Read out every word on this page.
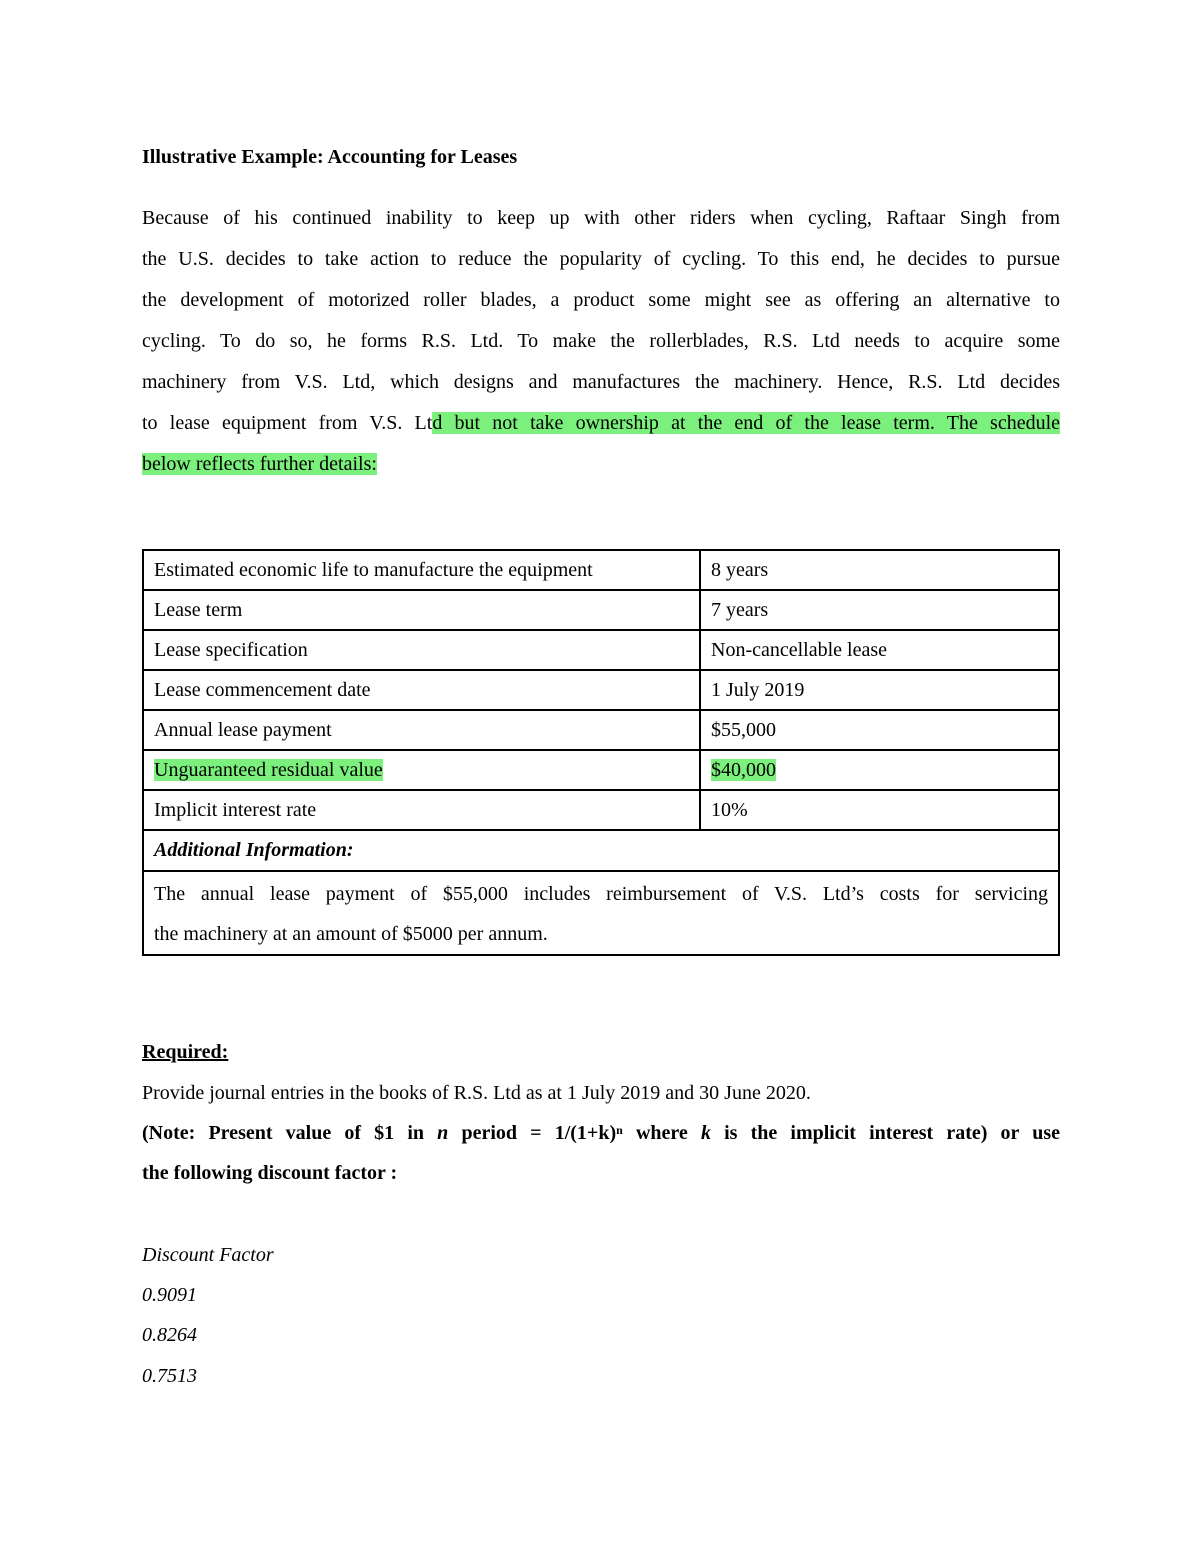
Illustrative Example: Accounting for Leases
Because of his continued inability to keep up with other riders when cycling, Raftaar Singh from
the U.S. decides to take action to reduce the popularity of cycling. To this end, he decides to pursue
the development of motorized roller blades, a product some might see as offering an alternative to
cycling. To do so, he forms R.S. Ltd. To make the rollerblades, R.S. Ltd needs to acquire some
machinery from V.S. Ltd, which designs and manufactures the machinery. Hence, R.S. Ltd decides
to lease equipment from V.S. Ltd but not take ownership at the end of the lease term. The schedule
below reflects further details:
Estimated economic life to manufacture the equipment	8 years
Lease term	7 years
Lease specification	Non-cancellable lease
Lease commencement date	1 July 2019
Annual lease payment	$55,000
Unguaranteed residual value	$40,000
Implicit interest rate	10%
Additional Information:	

The annual lease payment of $55,000 includes reimbursement of V.S. Ltd’s costs for servicing
the machinery at an amount of $5000 per annum.	
Required:
Provide journal entries in the books of R.S. Ltd as at 1 July 2019 and 30 June 2020.
(Note: Present value of $1 in n period = $1/(1+k)^n$ where k is the implicit interest rate) or use
the following discount factor :
Discount Factor
0.9091
0.8264
0.7513
